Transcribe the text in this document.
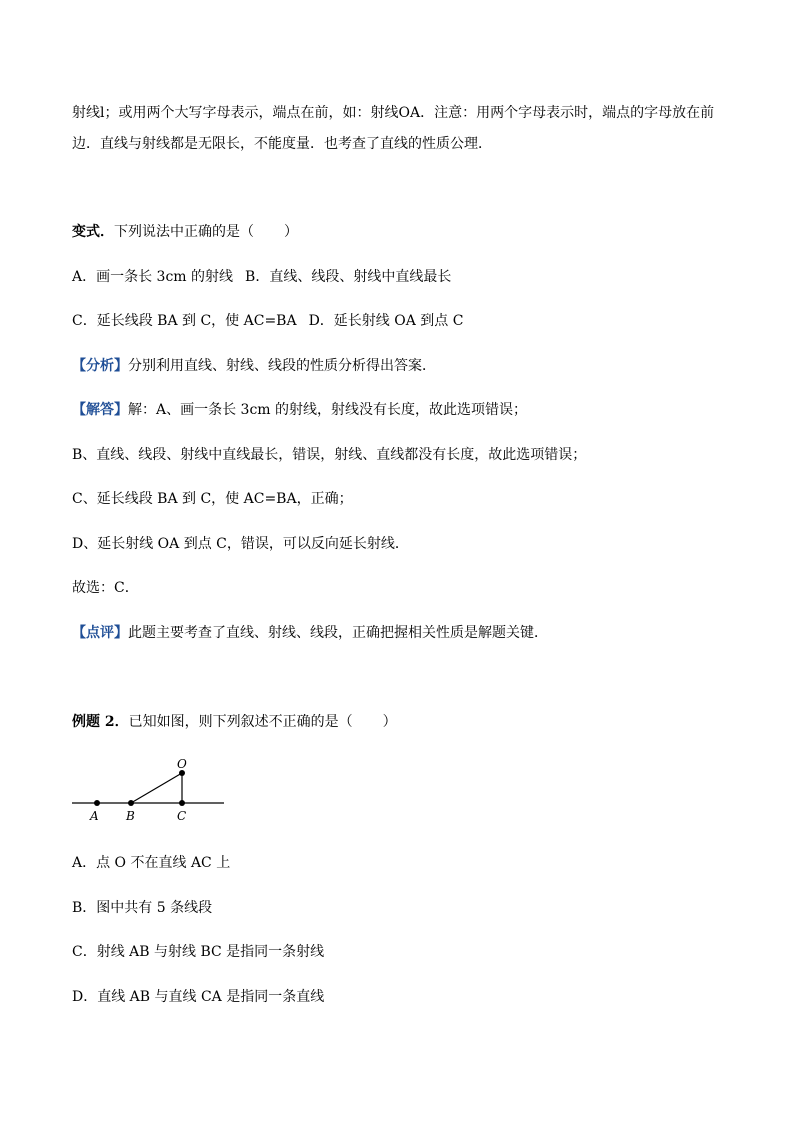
射线l；或用两个大写字母表示，端点在前，如：射线OA．注意：用两个字母表示时，端点的字母放在前
边．直线与射线都是无限长，不能度量．也考查了直线的性质公理．
变式．下列说法中正确的是（ ）
A．画一条长 3cm 的射线 B．直线、线段、射线中直线最长
C．延长线段 BA 到 C，使 AC=BA D．延长射线 OA 到点 C
【分析】分别利用直线、射线、线段的性质分析得出答案．
【解答】解：A、画一条长 3cm 的射线，射线没有长度，故此选项错误；
B、直线、线段、射线中直线最长，错误，射线、直线都没有长度，故此选项错误；
C、延长线段 BA 到 C，使 AC=BA，正确；
D、延长射线 OA 到点 C，错误，可以反向延长射线．
故选：C．
【点评】此题主要考查了直线、射线、线段，正确把握相关性质是解题关键．
例题 2．已知如图，则下列叙述不正确的是（ ）
O
A B	C
A．点 O 不在直线 AC 上
B．图中共有 5 条线段
C．射线 AB 与射线 BC 是指同一条射线
D．直线 AB 与直线 CA 是指同一条直线
